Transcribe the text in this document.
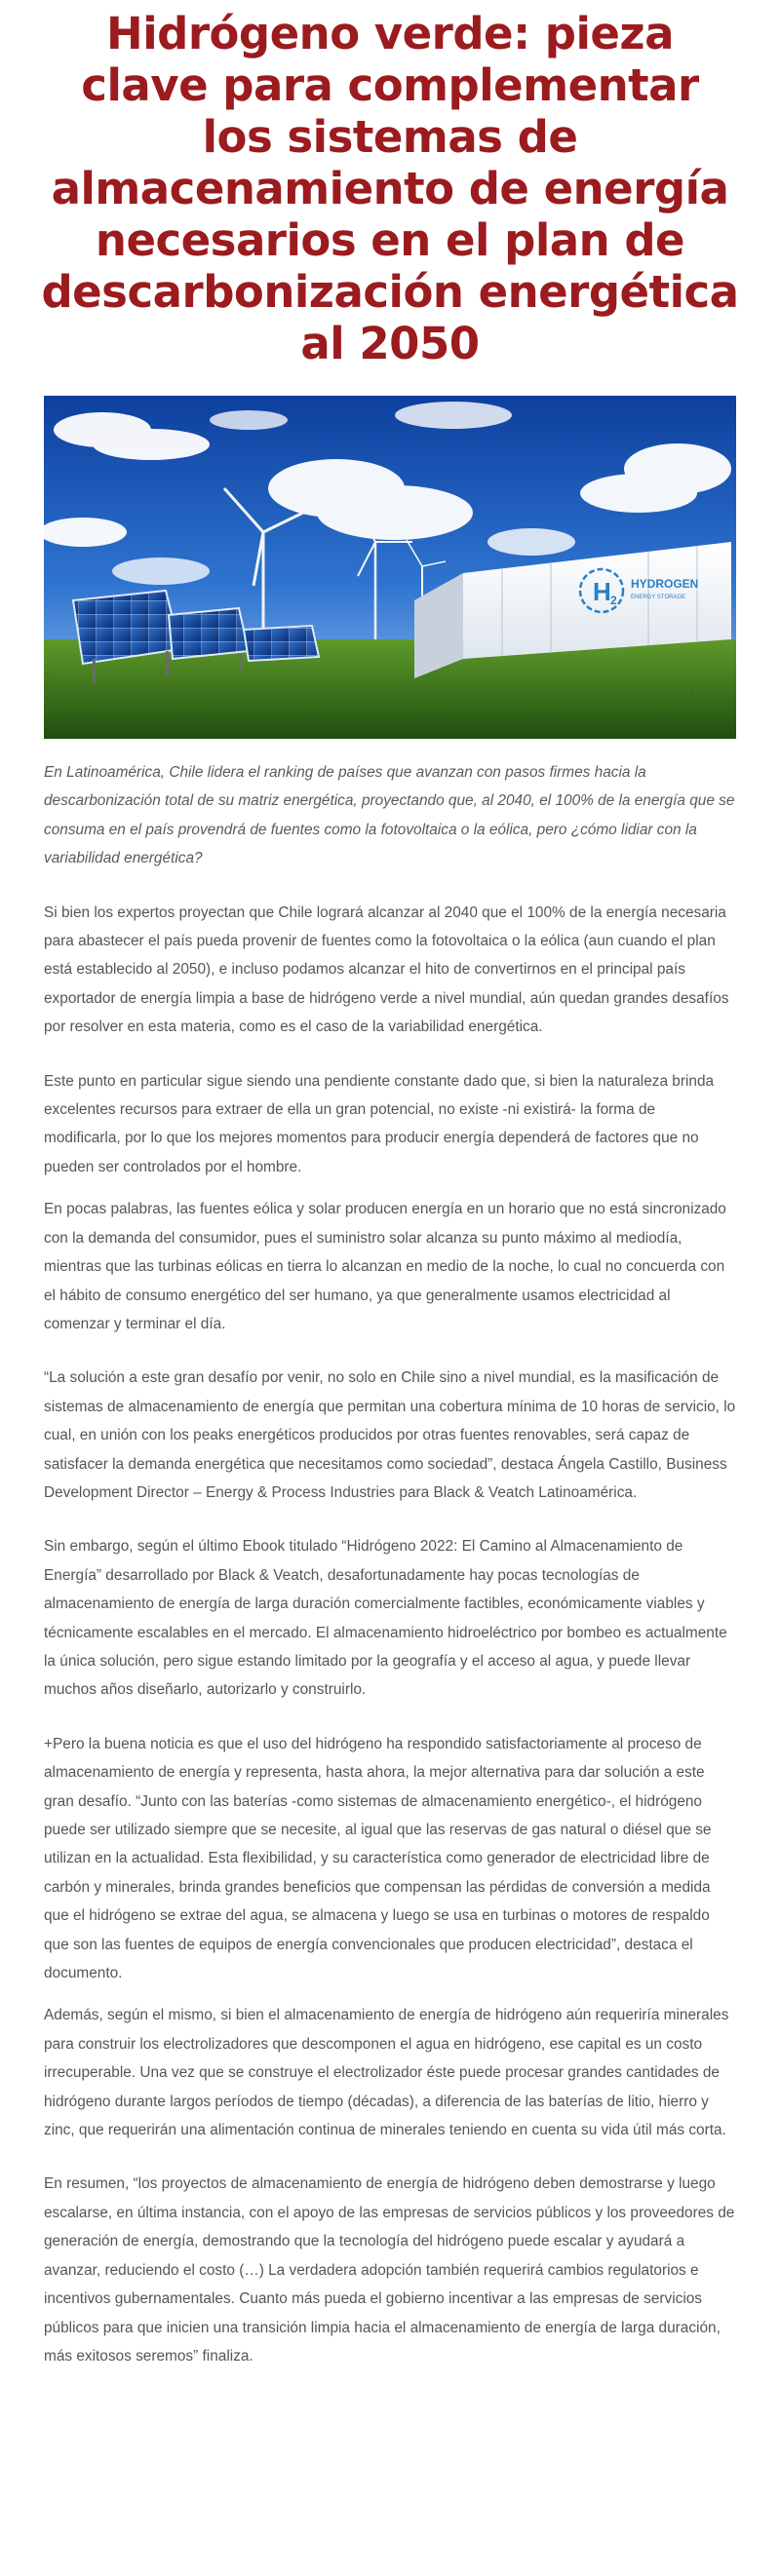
Hidrógeno verde: pieza clave para complementar los sistemas de almacenamiento de energía necesarios en el plan de descarbonización energética al 2050
H 2
HYDROGEN
ENERGY STORAGE

En Latinoamérica, Chile lidera el ranking de países que avanzan con pasos firmes hacia la descarbonización total de su matriz energética, proyectando que, al 2040, el 100% de la energía que se consuma en el país provendrá de fuentes como la fotovoltaica o la eólica, pero ¿cómo lidiar con la variabilidad energética?

Si bien los expertos proyectan que Chile logrará alcanzar al 2040 que el 100% de la energía necesaria para abastecer el país pueda provenir de fuentes como la fotovoltaica o la eólica (aun cuando el plan está establecido al 2050), e incluso podamos alcanzar el hito de convertirnos en el principal país exportador de energía limpia a base de hidrógeno verde a nivel mundial, aún quedan grandes desafíos por resolver en esta materia, como es el caso de la variabilidad energética.

Este punto en particular sigue siendo una pendiente constante dado que, si bien la naturaleza brinda excelentes recursos para extraer de ella un gran potencial, no existe -ni existirá- la forma de modificarla, por lo que los mejores momentos para producir energía dependerá de factores que no pueden ser controlados por el hombre.

En pocas palabras, las fuentes eólica y solar producen energía en un horario que no está sincronizado con la demanda del consumidor, pues el suministro solar alcanza su punto máximo al mediodía, mientras que las turbinas eólicas en tierra lo alcanzan en medio de la noche, lo cual no concuerda con el hábito de consumo energético del ser humano, ya que generalmente usamos electricidad al comenzar y terminar el día.

“La solución a este gran desafío por venir, no solo en Chile sino a nivel mundial, es la masificación de sistemas de almacenamiento de energía que permitan una cobertura mínima de 10 horas de servicio, lo cual, en unión con los peaks energéticos producidos por otras fuentes renovables, será capaz de satisfacer la demanda energética que necesitamos como sociedad”, destaca Ángela Castillo, Business Development Director – Energy & Process Industries para Black & Veatch Latinoamérica.

Sin embargo, según el último Ebook titulado “Hidrógeno 2022: El Camino al Almacenamiento de Energía” desarrollado por Black & Veatch, desafortunadamente hay pocas tecnologías de almacenamiento de energía de larga duración comercialmente factibles, económicamente viables y técnicamente escalables en el mercado. El almacenamiento hidroeléctrico por bombeo es actualmente la única solución, pero sigue estando limitado por la geografía y el acceso al agua, y puede llevar muchos años diseñarlo, autorizarlo y construirlo.

+Pero la buena noticia es que el uso del hidrógeno ha respondido satisfactoriamente al proceso de almacenamiento de energía y representa, hasta ahora, la mejor alternativa para dar solución a este gran desafío. “Junto con las baterías -como sistemas de almacenamiento energético-, el hidrógeno puede ser utilizado siempre que se necesite, al igual que las reservas de gas natural o diésel que se utilizan en la actualidad. Esta flexibilidad, y su característica como generador de electricidad libre de carbón y minerales, brinda grandes beneficios que compensan las pérdidas de conversión a medida que el hidrógeno se extrae del agua, se almacena y luego se usa en turbinas o motores de respaldo que son las fuentes de equipos de energía convencionales que producen electricidad”, destaca el documento.

Además, según el mismo, si bien el almacenamiento de energía de hidrógeno aún requeriría minerales para construir los electrolizadores que descomponen el agua en hidrógeno, ese capital es un costo irrecuperable. Una vez que se construye el electrolizador éste puede procesar grandes cantidades de hidrógeno durante largos períodos de tiempo (décadas), a diferencia de las baterías de litio, hierro y zinc, que requerirán una alimentación continua de minerales teniendo en cuenta su vida útil más corta.

En resumen, “los proyectos de almacenamiento de energía de hidrógeno deben demostrarse y luego escalarse, en última instancia, con el apoyo de las empresas de servicios públicos y los proveedores de generación de energía, demostrando que la tecnología del hidrógeno puede escalar y ayudará a avanzar, reduciendo el costo (…) La verdadera adopción también requerirá cambios regulatorios e incentivos gubernamentales. Cuanto más pueda el gobierno incentivar a las empresas de servicios públicos para que inicien una transición limpia hacia el almacenamiento de energía de larga duración, más exitosos seremos” finaliza.
